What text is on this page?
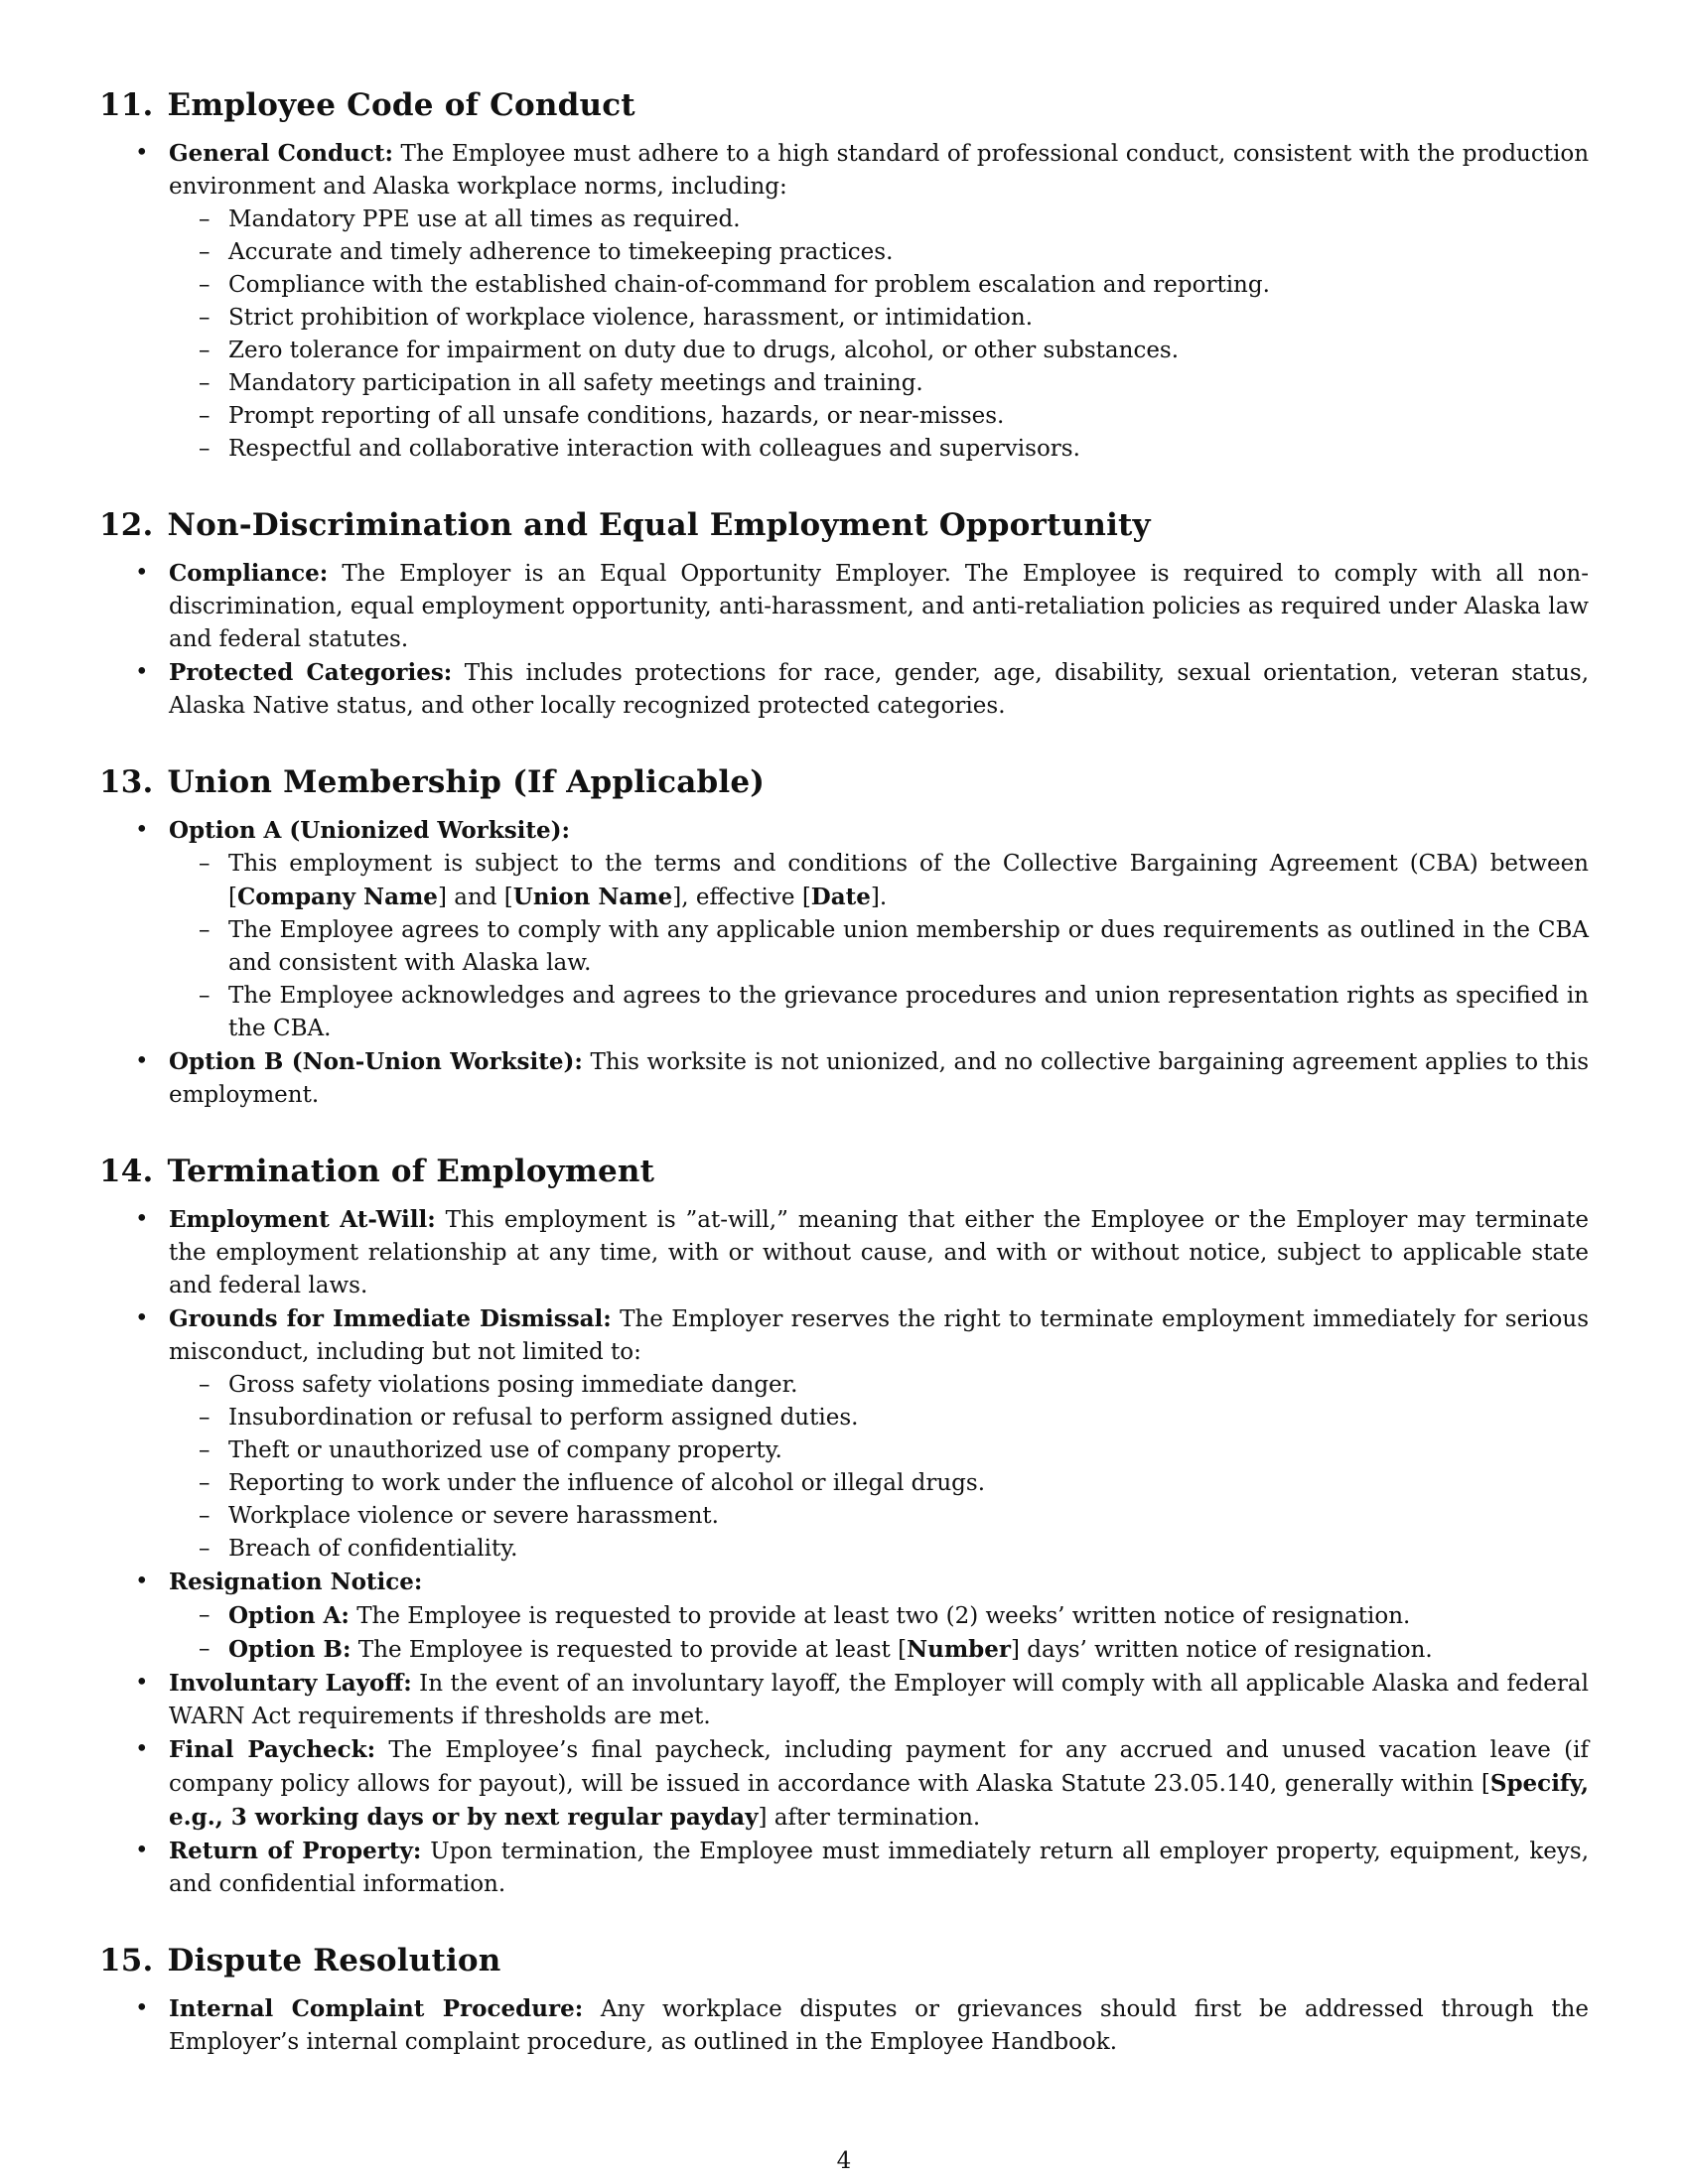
11. Employee Code of Conduct
• General Conduct: The Employee must adhere to a high standard of professional conduct, consistent with the production environment and Alaska workplace norms, including:
– Mandatory PPE use at all times as required.
– Accurate and timely adherence to timekeeping practices.
– Compliance with the established chain-of-command for problem escalation and reporting.
– Strict prohibition of workplace violence, harassment, or intimidation.
– Zero tolerance for impairment on duty due to drugs, alcohol, or other substances.
– Mandatory participation in all safety meetings and training.
– Prompt reporting of all unsafe conditions, hazards, or near-misses.
– Respectful and collaborative interaction with colleagues and supervisors.
12. Non-Discrimination and Equal Employment Opportunity
• Compliance: The Employer is an Equal Opportunity Employer. The Employee is required to comply with all non-discrimination, equal employment opportunity, anti-harassment, and anti-retaliation policies as required under Alaska law and federal statutes.
• Protected Categories: This includes protections for race, gender, age, disability, sexual orientation, veteran status, Alaska Native status, and other locally recognized protected categories.
13. Union Membership (If Applicable)
• Option A (Unionized Worksite):
– This employment is subject to the terms and conditions of the Collective Bargaining Agreement (CBA) between [Company Name] and [Union Name], effective [Date].
– The Employee agrees to comply with any applicable union membership or dues requirements as outlined in the CBA and consistent with Alaska law.
– The Employee acknowledges and agrees to the grievance procedures and union representation rights as specified in the CBA.
• Option B (Non-Union Worksite): This worksite is not unionized, and no collective bargaining agreement applies to this employment.
14. Termination of Employment
• Employment At-Will: This employment is ”at-will,” meaning that either the Employee or the Employer may terminate the employment relationship at any time, with or without cause, and with or without notice, subject to applicable state and federal laws.
• Grounds for Immediate Dismissal: The Employer reserves the right to terminate employment immediately for serious misconduct, including but not limited to:
– Gross safety violations posing immediate danger.
– Insubordination or refusal to perform assigned duties.
– Theft or unauthorized use of company property.
– Reporting to work under the influence of alcohol or illegal drugs.
– Workplace violence or severe harassment.
– Breach of confidentiality.
• Resignation Notice:
– Option A: The Employee is requested to provide at least two (2) weeks’ written notice of resignation.
– Option B: The Employee is requested to provide at least [Number] days’ written notice of resignation.
• Involuntary Layoff: In the event of an involuntary layoff, the Employer will comply with all applicable Alaska and federal WARN Act requirements if thresholds are met.
• Final Paycheck: The Employee’s final paycheck, including payment for any accrued and unused vacation leave (if company policy allows for payout), will be issued in accordance with Alaska Statute 23.05.140, generally within [Specify, e.g., 3 working days or by next regular payday] after termination.
• Return of Property: Upon termination, the Employee must immediately return all employer property, equipment, keys, and confidential information.
15. Dispute Resolution
• Internal Complaint Procedure: Any workplace disputes or grievances should first be addressed through the Employer’s internal complaint procedure, as outlined in the Employee Handbook.
4
